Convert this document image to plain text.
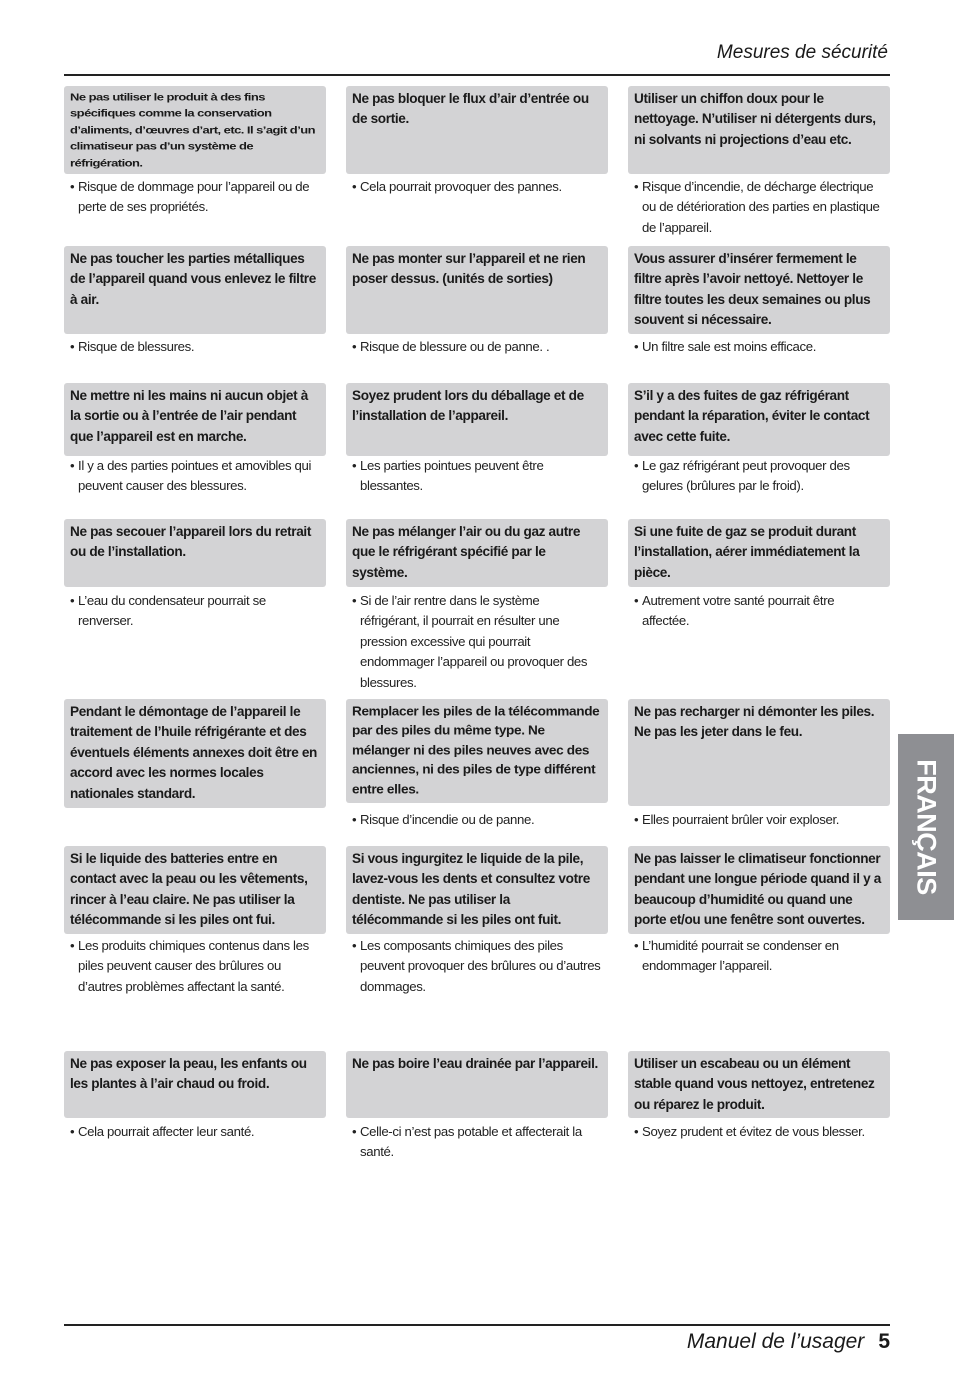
Mesures de sécurité
Ne pas utiliser le produit à des fins spécifiques comme la conservation d’aliments, d’œuvres d’art, etc. Il s’agit d’un climatiseur pas d’un système de réfrigération.
• Risque de dommage pour l’appareil ou de perte de ses propriétés.
Ne pas bloquer le flux d’air d’entrée ou de sortie.
• Cela pourrait provoquer des pannes.
Utiliser un chiffon doux pour le nettoyage. N’utiliser ni détergents durs, ni solvants ni projections d’eau etc.
• Risque d’incendie, de décharge électrique ou de détérioration des parties en plastique de l’appareil.
Ne pas toucher les parties métalliques de l’appareil quand vous enlevez le filtre à air.
• Risque de blessures.
Ne pas monter sur l’appareil et ne rien poser dessus. (unités de sorties)
• Risque de blessure ou de panne. .
Vous assurer d’insérer fermement le filtre après l’avoir nettoyé. Nettoyer le filtre toutes les deux semaines ou plus souvent si nécessaire.
• Un filtre sale est moins efficace.
Ne mettre ni les mains ni aucun objet à la sortie ou à l’entrée de l’air pendant que l’appareil est en marche.
• Il y a des parties pointues et amovibles qui peuvent causer des blessures.
Soyez prudent lors du déballage et de l’installation de l’appareil.
• Les parties pointues peuvent être blessantes.
S’il y a des fuites de gaz réfrigérant pendant la réparation, éviter le contact avec cette fuite.
• Le gaz réfrigérant peut provoquer des gelures (brûlures par le froid).
Ne pas secouer l’appareil lors du retrait ou de l’installation.
• L’eau du condensateur pourrait se renverser.
Ne pas mélanger l’air ou du gaz autre que le réfrigérant spécifié par le système.
• Si de l’air rentre dans le système réfrigérant, il pourrait en résulter une pression excessive qui pourrait endommager l’appareil ou provoquer des blessures.
Si une fuite de gaz se produit durant l’installation, aérer immédiatement la pièce.
• Autrement votre santé pourrait être affectée.
Pendant le démontage de l’appareil le traitement de l’huile réfrigérante et des éventuels éléments annexes doit être en accord avec les normes locales nationales standard.
Remplacer les piles de la télécommande par des piles du même type. Ne mélanger ni des piles neuves avec des anciennes, ni des piles de type différent entre elles.
• Risque d’incendie ou de panne.
Ne pas recharger ni démonter les piles. Ne pas les jeter dans le feu.
• Elles pourraient brûler voir exploser.
Si le liquide des batteries entre en contact avec la peau ou les vêtements, rincer à l’eau claire. Ne pas utiliser la télécommande si les piles ont fui.
• Les produits chimiques contenus dans les piles peuvent causer des brûlures ou d’autres problèmes affectant la santé.
Si vous ingurgitez le liquide de la pile, lavez-vous les dents et consultez votre dentiste. Ne pas utiliser la télécommande si les piles ont fuit.
• Les composants chimiques des piles peuvent provoquer des brûlures ou d’autres dommages.
Ne pas laisser le climatiseur fonctionner pendant une longue période quand il y a beaucoup d’humidité ou quand une porte et/ou une fenêtre sont ouvertes.
• L’humidité pourrait se condenser en endommager l’appareil.
Ne pas exposer la peau, les enfants ou les plantes à l’air chaud ou froid.
• Cela pourrait affecter leur santé.
Ne pas boire l’eau drainée par l’appareil.
• Celle-ci n’est pas potable et affecterait la santé.
Utiliser un escabeau ou un élément stable quand vous nettoyez, entretenez ou réparez le produit.
• Soyez prudent et évitez de vous blesser.
FRANÇAIS
Manuel de l’usager 5
